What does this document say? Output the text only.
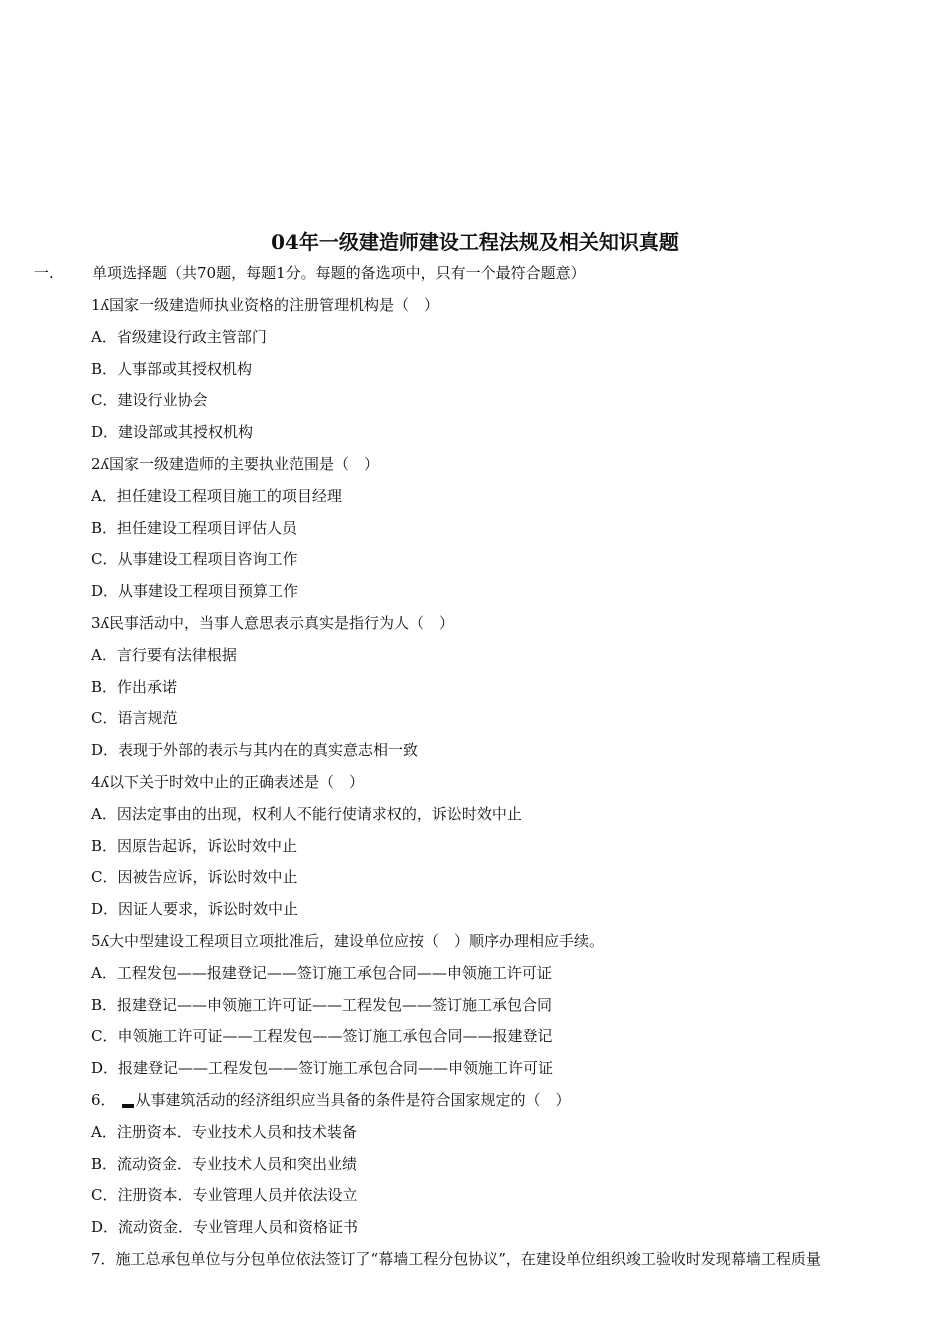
04年一级建造师建设工程法规及相关知识真题
一.	单项选择题（共70题，每题1分。每题的备选项中，只有一个最符合题意）
1ʎ国家一级建造师执业资格的注册管理机构是（　）
A．省级建设行政主管部门
B．人事部或其授权机构
C．建设行业协会
D．建设部或其授权机构
2ʎ国家一级建造师的主要执业范围是（　）
A．担任建设工程项目施工的项目经理
B．担任建设工程项目评估人员
C．从事建设工程项目咨询工作
D．从事建设工程项目预算工作
3ʎ民事活动中，当事人意思表示真实是指行为人（　）
A．言行要有法律根据
B．作出承诺
C．语言规范
D．表现于外部的表示与其内在的真实意志相一致
4ʎ以下关于时效中止的正确表述是（　）
A．因法定事由的出现，权利人不能行使请求权的，诉讼时效中止
B．因原告起诉，诉讼时效中止
C．因被告应诉，诉讼时效中止
D．因证人要求，诉讼时效中止
5ʎ大中型建设工程项目立项批准后，建设单位应按（　）顺序办理相应手续。
A．工程发包——报建登记——签订施工承包合同——申领施工许可证
B．报建登记——申领施工许可证——工程发包——签订施工承包合同
C．申领施工许可证——工程发包——签订施工承包合同——报建登记
D．报建登记——工程发包——签订施工承包合同——申领施工许可证
6． 从事建筑活动的经济组织应当具备的条件是符合国家规定的（　）
A．注册资本．专业技术人员和技术装备
B．流动资金．专业技术人员和突出业绩
C．注册资本．专业管理人员并依法设立
D．流动资金．专业管理人员和资格证书
7．施工总承包单位与分包单位依法签订了“幕墙工程分包协议”，在建设单位组织竣工验收时发现幕墙工程质量
